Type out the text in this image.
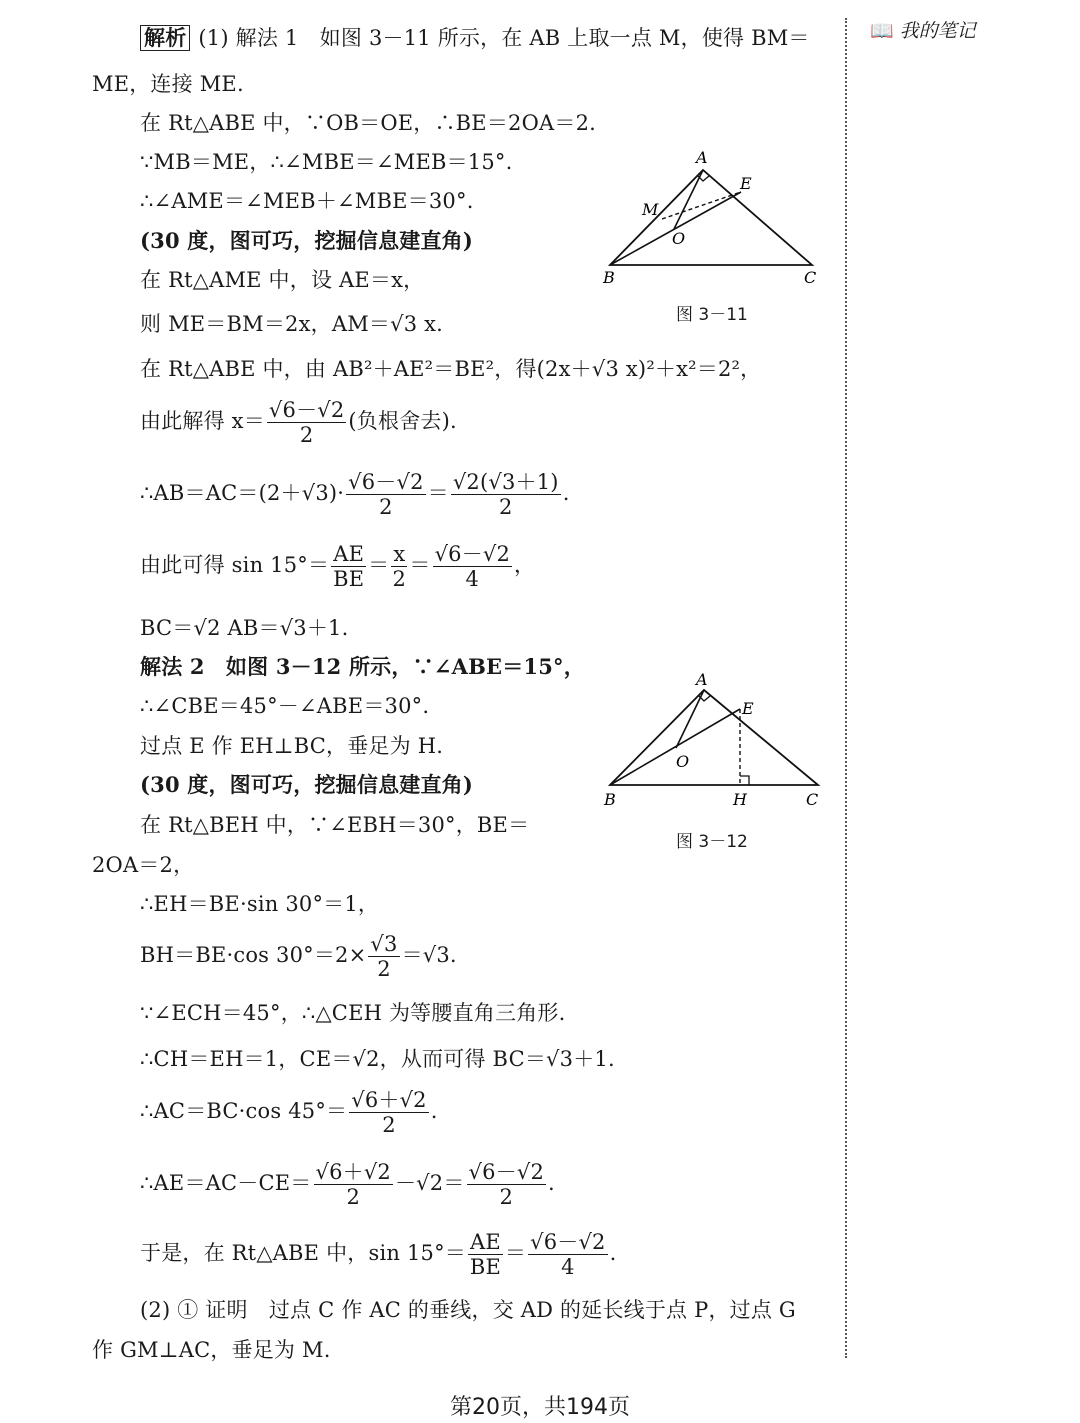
📖 我的笔记
解析 (1) 解法 1　如图 3－11 所示，在 AB 上取一点 M，使得 BM＝
ME，连接 ME.
在 Rt△ABE 中，∵OB＝OE，∴BE＝2OA＝2.
∵MB＝ME，∴∠MBE＝∠MEB＝15°.
∴∠AME＝∠MEB＋∠MBE＝30°.
(30 度，图可巧，挖掘信息建直角)
在 Rt△AME 中，设 AE＝x，
则 ME＝BM＝2x，AM＝√3 x.
在 Rt△ABE 中，由 AB²＋AE²＝BE²，得(2x＋√3 x)²＋x²＝2²，
由此解得 $x= \frac{√6-√2}{2}$ (负根舍去).
∴AB＝AC＝(2＋√3)· $\frac{√6-√2}{2} = \frac{√2(√3+1)}{2}$ .
由此可得 $\sin 15^\circ= \frac{AE}{BE} = \frac{x}{2} = \frac{√6-√2}{4}$ ，
BC＝√2 AB＝√3＋1.
解法 2　如图 3－12 所示，∵∠ABE＝15°，
∴∠CBE＝45°－∠ABE＝30°.
过点 E 作 EH⊥BC，垂足为 H.
(30 度，图可巧，挖掘信息建直角)
在 Rt△BEH 中，∵∠EBH＝30°，BE＝
2OA＝2，
∴EH＝BE·sin 30°＝1，
BH＝BE·cos $30^\circ=2\times \frac{√3}{2} =√3$.
∵∠ECH＝45°，∴△CEH 为等腰直角三角形.
∴CH＝EH＝1，CE＝√2，从而可得 BC＝√3＋1.
∴AC＝BC·cos $45^\circ= \frac{√6+√2}{2}$ .
∴AE＝AC－CE＝ $\frac{√6+√2}{2} -√2= \frac{√6-√2}{2}$ .
于是，在 Rt△ABE 中，$\sin 15^\circ= \frac{AE}{BE} = \frac{√6-√2}{4}$ .
(2) ① 证明　过点 C 作 AC 的垂线，交 AD 的延长线于点 P，过点 G
作 GM⊥AC，垂足为 M.
A
B	C
E
M
O
图 3－11
A
B	C
E
O
H
图 3－12
第20页，共194页
